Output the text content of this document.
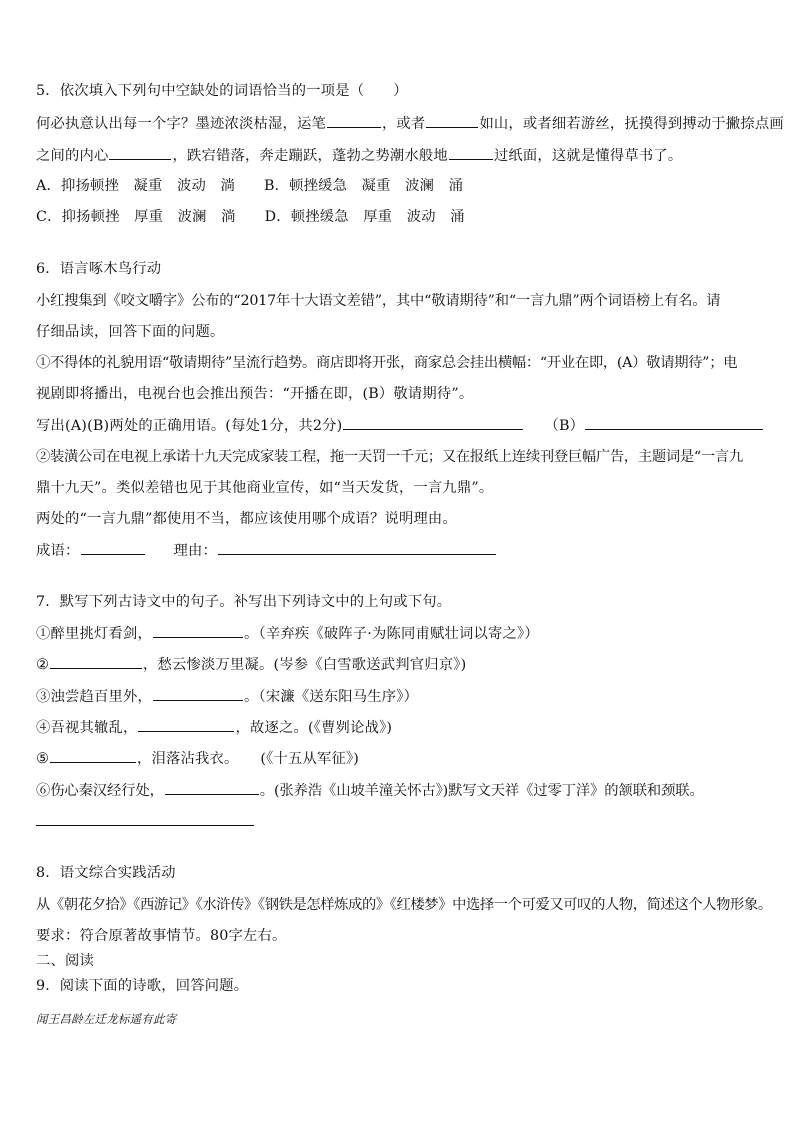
5．依次填入下列句中空缺处的词语恰当的一项是（　　）
何必执意认出每一个字？墨迹浓淡枯湿，运笔	，或者	如山，或者细若游丝，抚摸得到搏动于撇捺点画
之间的内心	，跌宕错落，奔走蹦跃，蓬勃之势潮水般地	过纸面，这就是懂得草书了。
A．抑扬顿挫　凝重　波动　淌　　B．顿挫缓急　凝重　波澜　涌
C．抑扬顿挫　厚重　波澜　淌　　D．顿挫缓急　厚重　波动　涌
6．语言啄木鸟行动
小红搜集到《咬文嚼字》公布的“2017年十大语文差错”，其中“敬请期待”和“一言九鼎”两个词语榜上有名。请
仔细品读，回答下面的问题。
①不得体的礼貌用语“敬请期待”呈流行趋势。商店即将开张，商家总会挂出横幅：“开业在即，(A）敬请期待”；电
视剧即将播出，电视台也会推出预告：“开播在即，(B）敬请期待”。
写出(A)(B)两处的正确用语。(每处1分，共2分)	（B）
②装潢公司在电视上承诺十九天完成家装工程，拖一天罚一千元；又在报纸上连续刊登巨幅广告，主题词是“一言九
鼎十九天”。类似差错也见于其他商业宣传，如“当天发货，一言九鼎”。
两处的“一言九鼎”都使用不当，都应该使用哪个成语？说明理由。
成语：	理由：
7．默写下列古诗文中的句子。补写出下列诗文中的上句或下句。
①醉里挑灯看剑，	。（辛弃疾《破阵子·为陈同甫赋壮词以寄之》）
②	，愁云惨淡万里凝。(岑参《白雪歌送武判官归京》)
③浊尝趋百里外，	。（宋濂《送东阳马生序》）
④吾视其辙乱，	，故逐之。(《曹刿论战》)
⑤	，泪落沾我衣。　　(《十五从军征》)
⑥伤心秦汉经行处，	。(张养浩《山坡羊潼关怀古》)默写文天祥《过零丁洋》的颔联和颈联。
8．语文综合实践活动
从《朝花夕拾》《西游记》《水浒传》《钢铁是怎样炼成的》《红楼梦》中选择一个可爱又可叹的人物，简述这个人物形象。
要求：符合原著故事情节。80字左右。
二、阅读
9．阅读下面的诗歌，回答问题。
闻王昌龄左迁龙标遥有此寄
